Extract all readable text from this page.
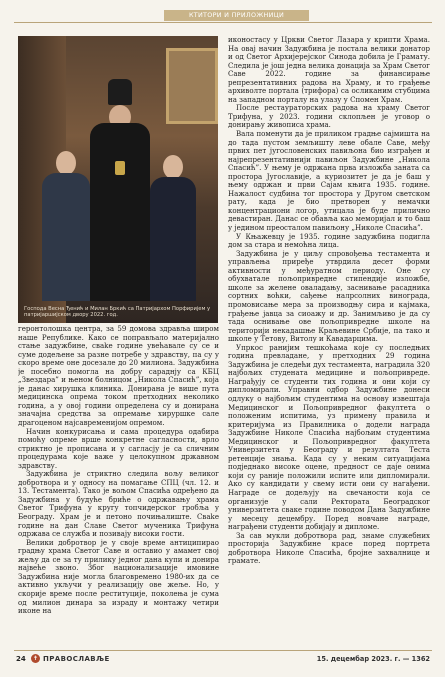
КТИТОРИ И ПРИЛОЖНИЦИ
Господа Весна Ђенић и Милан Бркић са Патријархом Порфиријем у патријаршијском двору 2022. год.

геронтолошка центра, за 59 домова здравља широм наше Републике. Како се поправљало материјално стање задужбине, свake године увећавале су се и суме додељене за разне потребе у здравству, па су у скоро време оне досезале до 20 милиона. Задужбина је посебно помогла на добру сараднју са КБЦ „Звездара” и њеном болницом „Никола Спасић”, која је данас хирушка клиника. Донирана је више пута медицинска опрема током претходних неколико година, а у овој години определена су и донирана значајна средства за опремање хируршке сале драгоценом најсавременијом опремом.

Начин конкурисања и сама процедура одабира помоћу опреме врше конкретне сагласности, врло стриктно је прописана и у сагласју је са сличним процедурама које важе у целокупном државном здравству.

Задужбина је стриктно следила вољу великог добротвора и у односу на помагање СПЦ (чл. 12. и 13. Тестамента). Тако је вољом Спасића одређено да Задужбина у будуће бриће о одржавању храма Светог Трифуна у кругу топчидерског гробља у Београду. Храм је и петоно почињалиште. Свake године на дан Славе Светог мученика Трифуна одржава се служба и позивају високи гости.

Велики добротвор је у своје време антиципирао градњу храма Светог Саве и оставио у амамет свој жељу да се за ту прилику једног дана купи и донира највеће звоно. Због национализације имовине Задужбина није могла благовремено 1980-их да се активно укључи у реализацију ове жеље. Но, у скорије време после реституције, поколењa је сума од милион динара за израду и монтажу четири иконе на

иконостасу у Цркви Светог Лазара у крипти Храма. На овај начин Задужбина је постала велики донатор и од Светог Архијерејског Синода добила је Грамату. Следила је још једна велика донација за Храм Светог Саве 2022. године за финансирање репрезентативних радова на Храму, и то грађење архиволте портала (трифора) са осликаним стубцима на западном порталу на улазу у Спомен Храм.

После рестаураторских радова на храму Светог Трифуна, у 2023. години склопљен је уговор о донирању живописа храма.

Вала поменути да је приликом градње сајмишта на до тада пустом земљишту леве обале Саве, међу првих пет југословенских павиљона био изграђен и најрепрезентативнији павиљон Задужбине „Никола Спасић”. У њему је одржана прва изложба занатa са простора Југославије, а куриозитет је да је баш у њему одржан и први Сајам књига 1935. године. Нажалост судбина тог простора у Другом светском рату, када је био претворен у немачки концентрациони логор, утицала је буде прилично девастиран. Данас се обавља као меморијал и то баш у једином преосталом павиљону „Николе Спасића”.

У Књажевцу је 1935. године задужбина подигла дом за стара и немоћна лица.

Задужбина је у циљу спровођења тестамента и управљења приређе утврдила десет форми активности у међуратном периоду. Оне су обухватале пољопривредне стипендије изложбе, школе за желене оваладању, заснивање расадника сортних воћки, сађење налрсолних виноградa, промовисање мера за производњу сира и кајмака, грађење јавца за сиоажу и др. Занимљиво је да су тада оснивање ове пољопривредне школе на територији некадашње Краљевине Србије, па тако и школе у Тетову, Витолу и Кавадарцима.

Упркос ранијим тешкоћама које су последњих година превладане, у претходних 29 година Задужбина је следећи дух тестамента, наградила 320 најбољих студената медицине и пољопривреде. Награђују се студенти тих година и они који су дипломирали. Управни одбор Задужбине донеси одлуку о најбољим студентима на основу извештаја Медицинског и Пољопривредног факултета о положеним испитима, уз примену правила и критеријума из Правилника о додели награда Задужбине Николе Спасића најбољим студентима Медицинског и Пољопривредног факултета Универзитета у Београду и резултата Теста ретенције знања. Када су у неким ситуацијама подједнако високе оцене, предност се даје онима који су раније положили испите или дипломирали. Ако су кандидати у свему исти они су нагађени. Награде се додељују на свечаности која се организује у сали Ректората Београдског универзитета сваке године поводом Дана Задужбине у месецу децембру. Поред новчане награде, награђени студенти добијају и дипломе.

За сав мукли добротвора рад, знаме служебних просторија Задужбине красе поред портрета добротвора Николе Спасића, бројне захвалнице и грамате.

24	✝ ПРАВОСЛАВЉЕ	15. децембар 2023. г. — 1362
